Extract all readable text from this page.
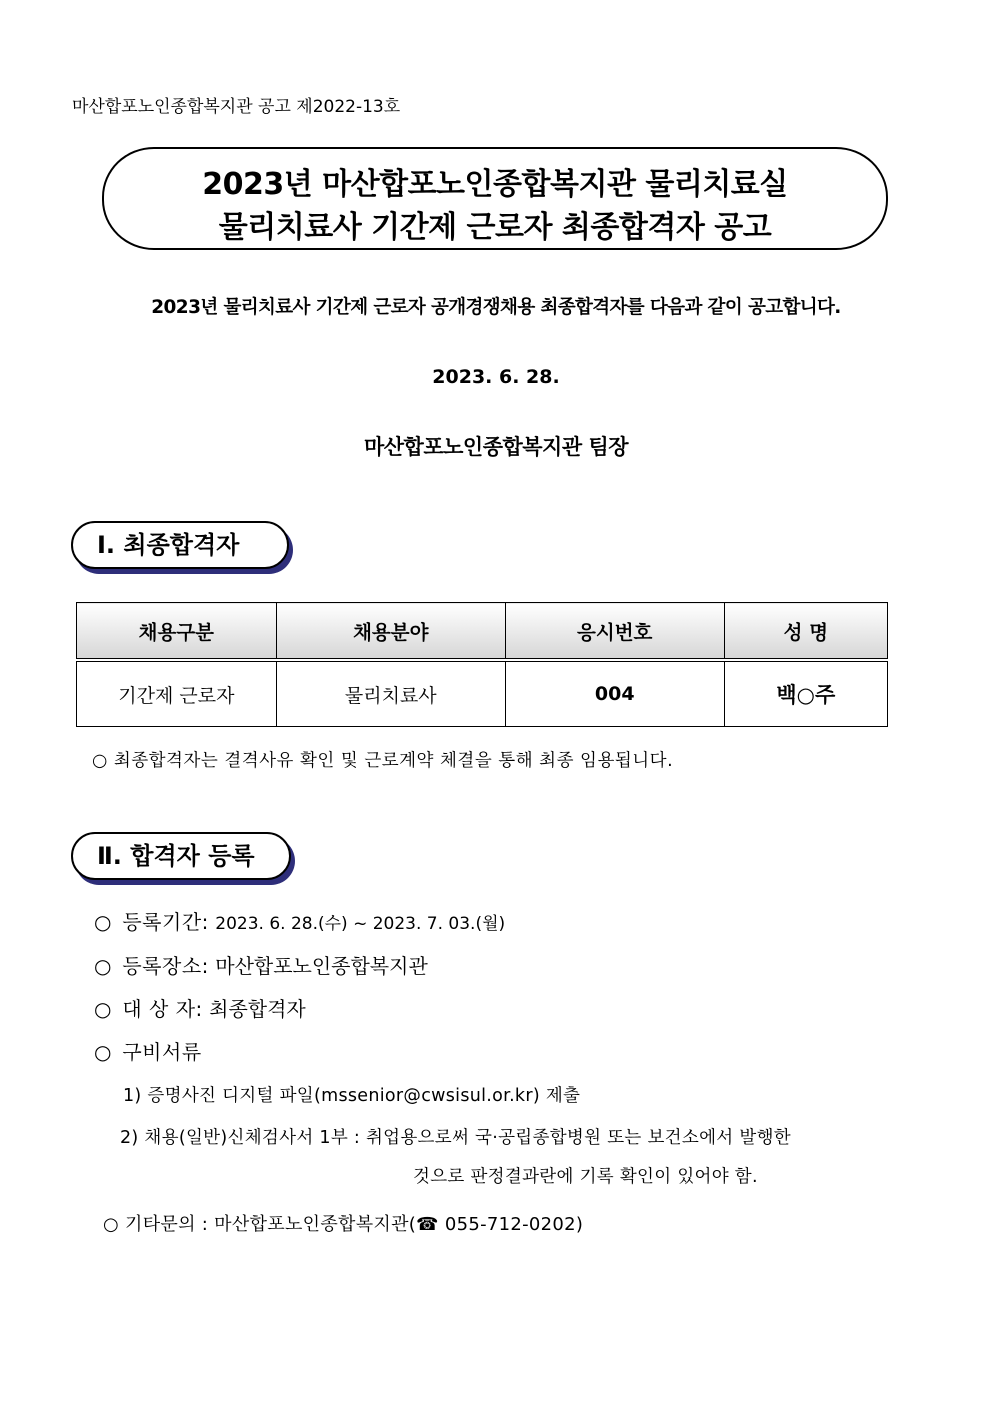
마산합포노인종합복지관 공고 제2022-13호
2023년 마산합포노인종합복지관 물리치료실
물리치료사 기간제 근로자 최종합격자 공고
2023년 물리치료사 기간제 근로자 공개경쟁채용 최종합격자를 다음과 같이 공고합니다.
2023. 6. 28.
마산합포노인종합복지관 팀장
Ⅰ. 최종합격자
채용구분	채용분야	응시번호	성 명
기간제 근로자	물리치료사	004	백○주
○ 최종합격자는 결격사유 확인 및 근로계약 체결을 통해 최종 임용됩니다.
Ⅱ. 합격자 등록
○ 등록기간: 2023. 6. 28.(수) ~ 2023. 7. 03.(월)
○ 등록장소: 마산합포노인종합복지관
○ 대 상 자: 최종합격자
○ 구비서류
1) 증명사진 디지털 파일(mssenior@cwsisul.or.kr) 제출
2) 채용(일반)신체검사서 1부 : 취업용으로써 국·공립종합병원 또는 보건소에서 발행한
것으로 판정결과란에 기록 확인이 있어야 함.
○ 기타문의 : 마산합포노인종합복지관(☎ 055-712-0202)
